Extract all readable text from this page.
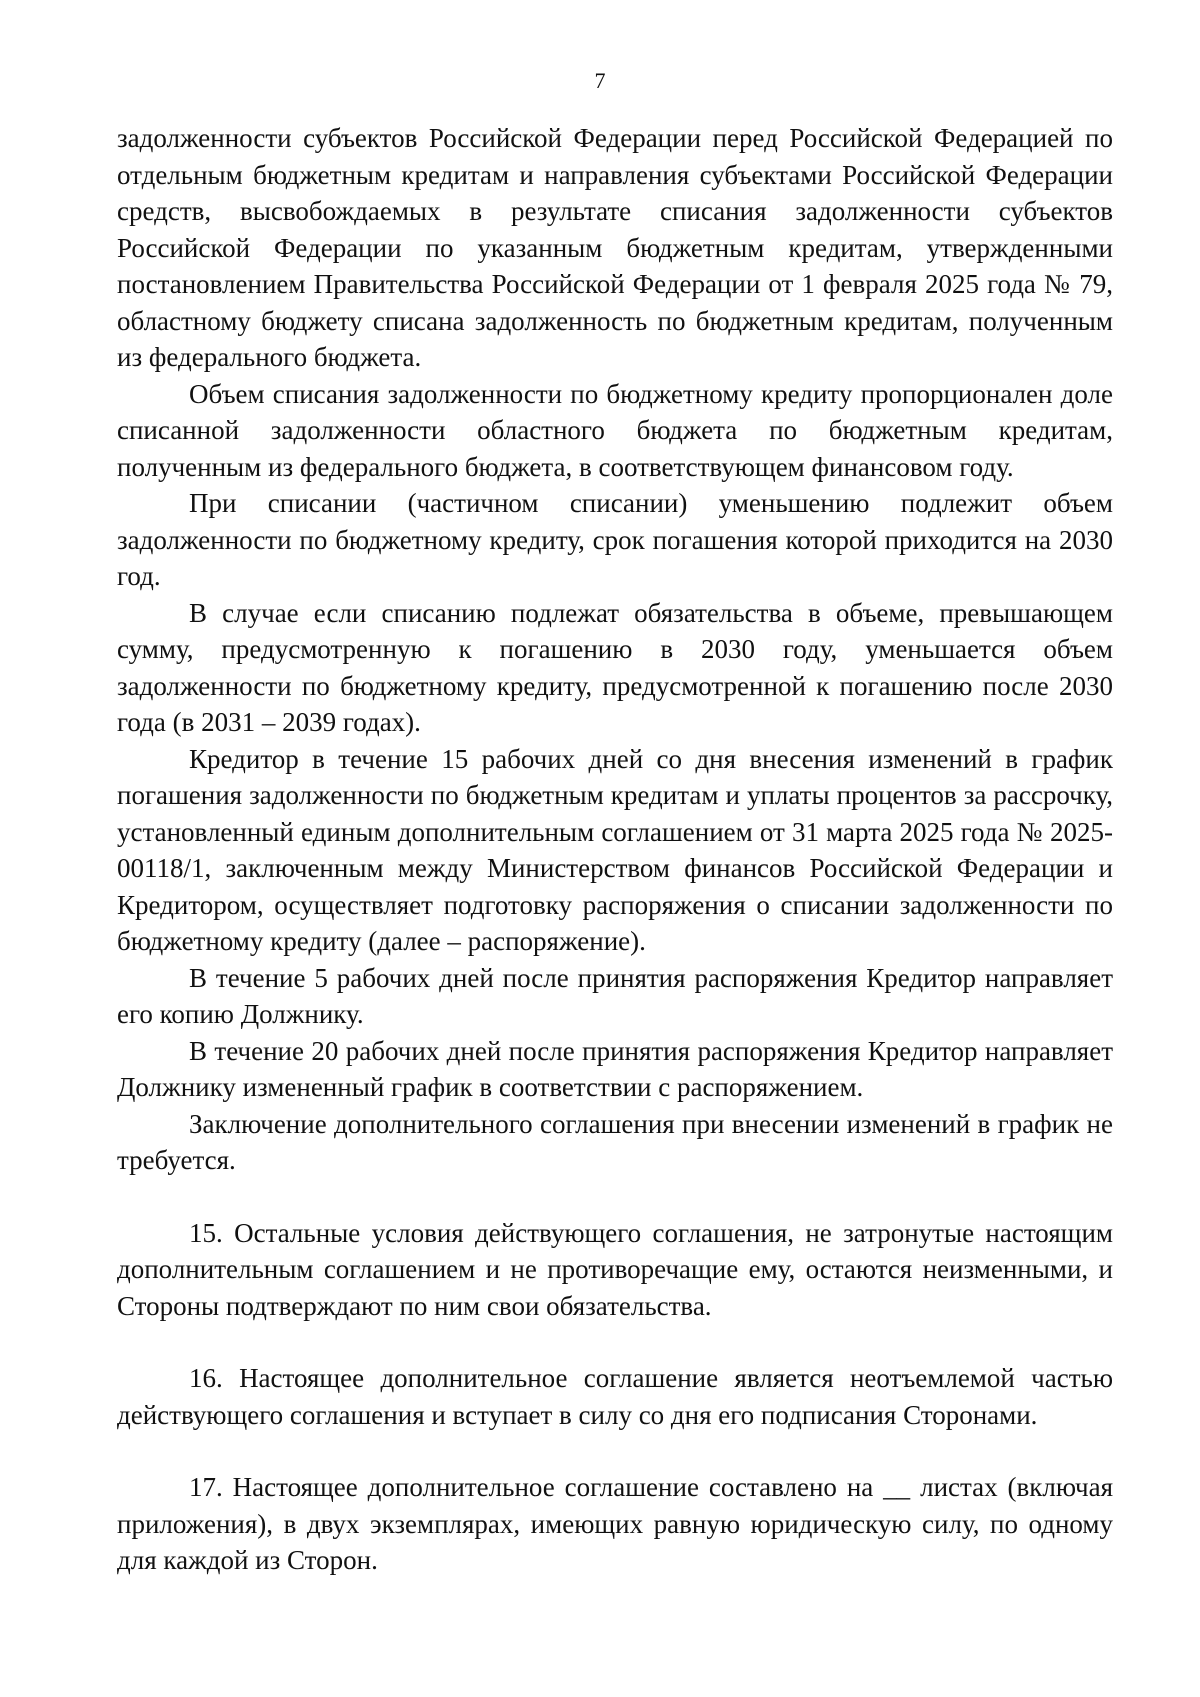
7

задолженности субъектов Российской Федерации перед Российской Федерацией по отдельным бюджетным кредитам и направления субъектами Российской Федерации средств, высвобождаемых в результате списания задолженности субъектов Российской Федерации по указанным бюджетным кредитам, утвержденными постановлением Правительства Российской Федерации от 1 февраля 2025 года № 79, областному бюджету списана задолженность по бюджетным кредитам, полученным из федерального бюджета.

Объем списания задолженности по бюджетному кредиту пропорционален доле списанной задолженности областного бюджета по бюджетным кредитам, полученным из федерального бюджета, в соответствующем финансовом году.

При списании (частичном списании) уменьшению подлежит объем задолженности по бюджетному кредиту, срок погашения которой приходится на 2030 год.

В случае если списанию подлежат обязательства в объеме, превышающем сумму, предусмотренную к погашению в 2030 году, уменьшается объем задолженности по бюджетному кредиту, предусмотренной к погашению после 2030 года (в 2031 – 2039 годах).

Кредитор в течение 15 рабочих дней со дня внесения изменений в график погашения задолженности по бюджетным кредитам и уплаты процентов за рассрочку, установленный единым дополнительным соглашением от 31 марта 2025 года № 2025-00118/1, заключенным между Министерством финансов Российской Федерации и Кредитором, осуществляет подготовку распоряжения о списании задолженности по бюджетному кредиту (далее – распоряжение).

В течение 5 рабочих дней после принятия распоряжения Кредитор направляет его копию Должнику.

В течение 20 рабочих дней после принятия распоряжения Кредитор направляет Должнику измененный график в соответствии с распоряжением.

Заключение дополнительного соглашения при внесении изменений в график не требуется.

15. Остальные условия действующего соглашения, не затронутые настоящим дополнительным соглашением и не противоречащие ему, остаются неизменными, и Стороны подтверждают по ним свои обязательства.

16. Настоящее дополнительное соглашение является неотъемлемой частью действующего соглашения и вступает в силу со дня его подписания Сторонами.

17. Настоящее дополнительное соглашение составлено на __ листах (включая приложения), в двух экземплярах, имеющих равную юридическую силу, по одному для каждой из Сторон.
